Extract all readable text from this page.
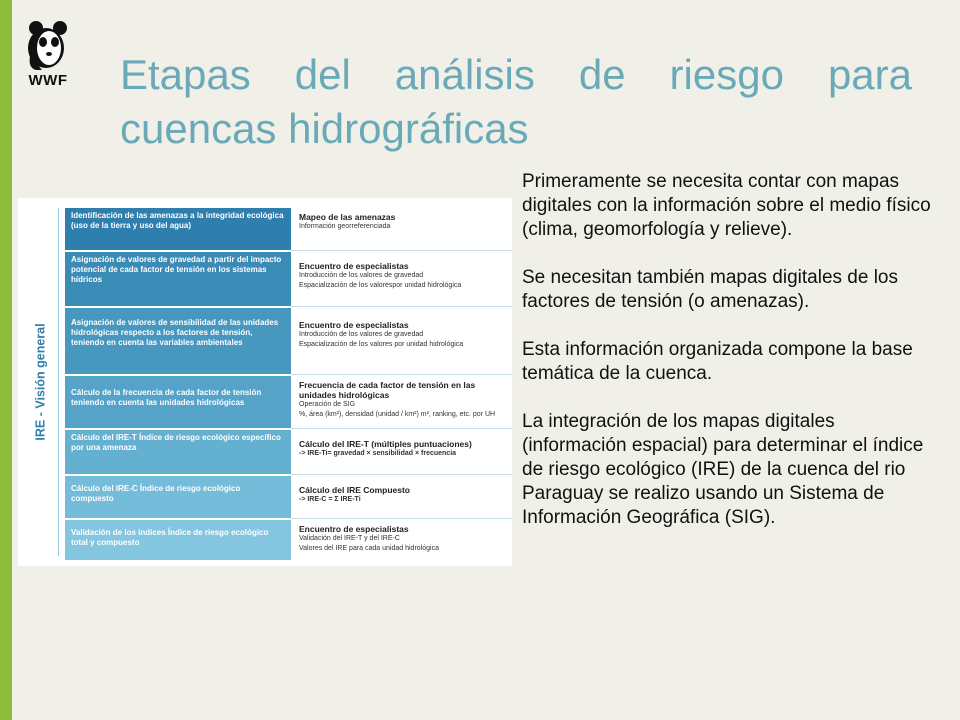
WWF Etapas del análisis de riesgo para
cuencas hidrográficas
IRE - Visión general
Identificación de las amenazas a la integridad ecológica (uso de la tierra y uso del agua)
Mapeo de las amenazas
Información georreferenciada
Asignación de valores de gravedad a partir del impacto potencial de cada factor de tensión en los sistemas hídricos
Encuentro de especialistas
Introducción de los valores de gravedad
Espacialización de los valorespor unidad hidrológica
Asignación de valores de sensibilidad de las unidades hidrológicas respecto a los factores de tensión, teniendo en cuenta las variables ambientales
Encuentro de especialistas
Introducción de los valores de gravedad
Espacialización de los valores por unidad hidrológica
Cálculo de la frecuencia de cada factor de tensión teniendo en cuenta las unidades hidrológicas
Frecuencia de cada factor de tensión en las unidades hidrológicas
Operación de SIG
%, área (km²), densidad (unidad / km²) m², ranking, etc. por UH
Cálculo del IRE-T Índice de riesgo ecológico específico por una amenaza	Cálculo del IRE-T (múltiples puntuaciones)
-> IRE-Ti= gravedad × sensibilidad × frecuencia
Cálculo del IRE-C Índice de riesgo ecológico compuesto
Cálculo del IRE Compuesto
-> IRE-C = Σ IRE-Ti
Validación de los índices Índice de riesgo ecológico total y compuesto
Encuentro de especialistas
Validación del IRE-T y del IRE-C
Valores del IRE para cada unidad hidrológica

Primeramente se necesita contar con mapas digitales con la información sobre el medio físico (clima, geomorfología y relieve).

Se necesitan también mapas digitales de los factores de tensión (o amenazas).

Esta información organizada compone la base temática de la cuenca.

La integración de los mapas digitales (información espacial) para determinar el índice de riesgo ecológico (IRE) de la cuenca del rio Paraguay se realizo usando un Sistema de Información Geográfica (SIG).
